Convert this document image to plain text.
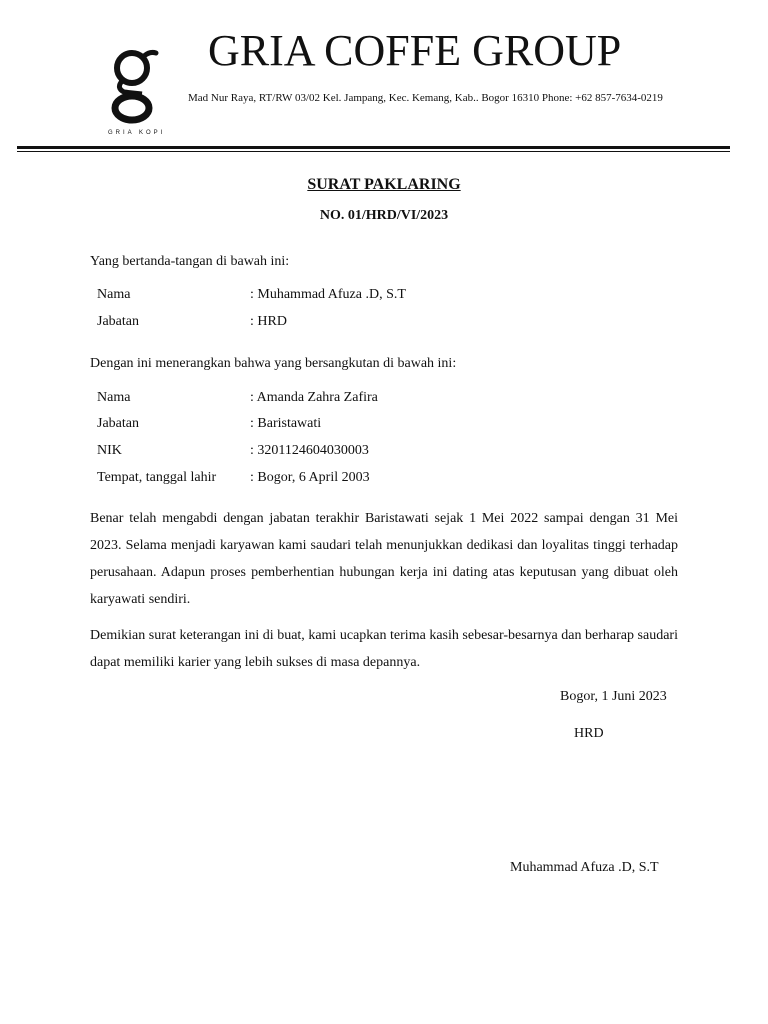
GRIA KOPI
GRIA COFFE GROUP
Mad Nur Raya, RT/RW 03/02 Kel. Jampang, Kec. Kemang, Kab.. Bogor 16310 Phone: +62 857-7634-0219
SURAT PAKLARING
NO. 01/HRD/VI/2023
Yang bertanda-tangan di bawah ini:
Nama	: Muhammad Afuza .D, S.T
Jabatan	: HRD
Dengan ini menerangkan bahwa yang bersangkutan di bawah ini:
Nama	: Amanda Zahra Zafira
Jabatan	: Baristawati
NIK	: 3201124604030003
Tempat, tanggal lahir : Bogor, 6 April 2003
Benar telah mengabdi dengan jabatan terakhir Baristawati sejak 1 Mei 2022 sampai dengan 31 Mei 2023. Selama menjadi karyawan kami saudari telah menunjukkan dedikasi dan loyalitas tinggi terhadap perusahaan. Adapun proses pemberhentian hubungan kerja ini dating atas keputusan yang dibuat oleh karyawati sendiri.
Demikian surat keterangan ini di buat, kami ucapkan terima kasih sebesar-besarnya dan berharap saudari dapat memiliki karier yang lebih sukses di masa depannya.
Bogor, 1 Juni 2023
HRD
Muhammad Afuza .D, S.T
